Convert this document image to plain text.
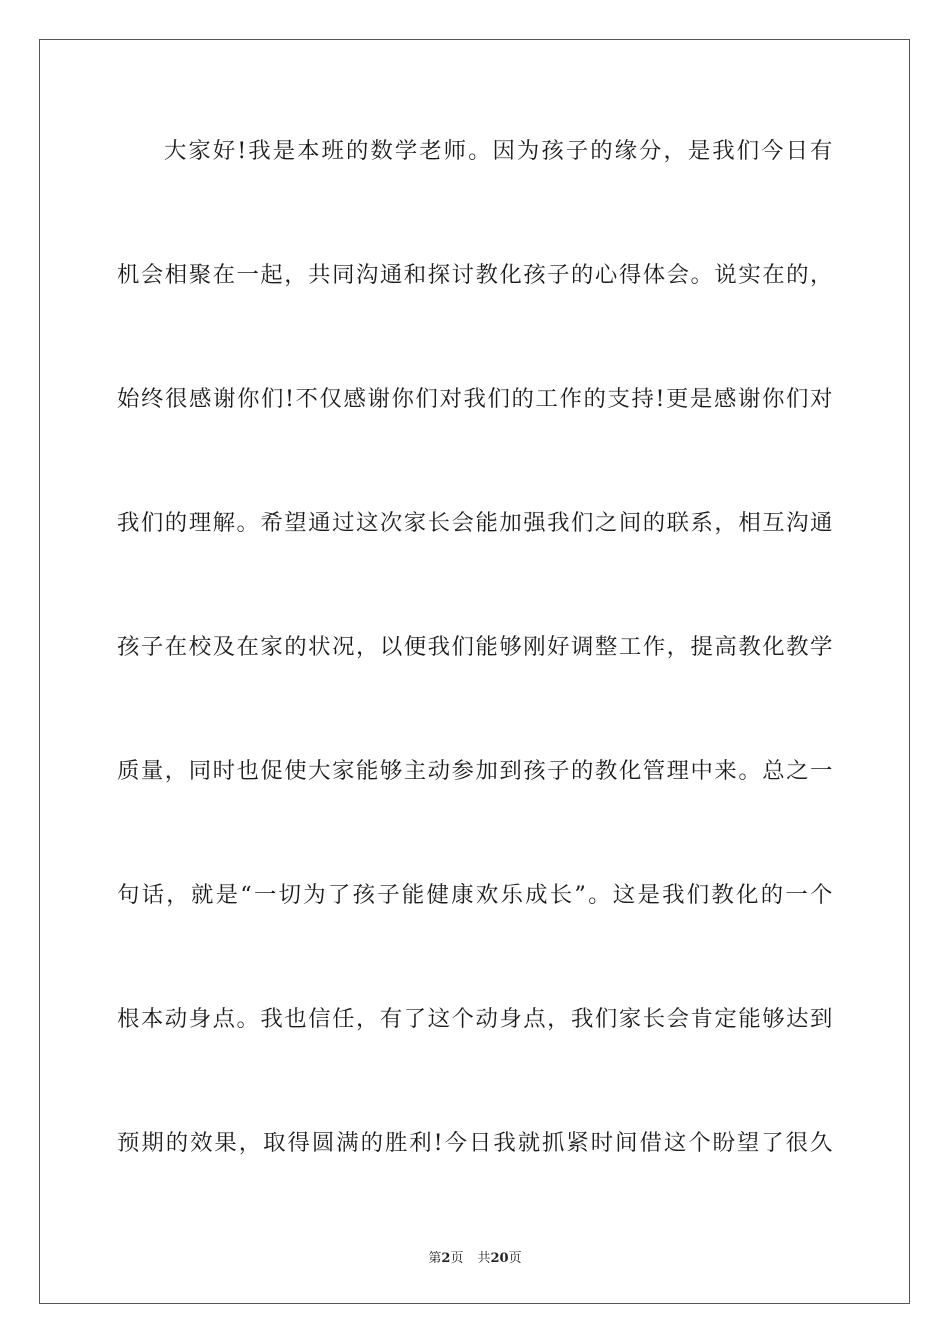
大家好!我是本班的数学老师。因为孩子的缘分，是我们今日有
机会相聚在一起，共同沟通和探讨教化孩子的心得体会。说实在的，
始终很感谢你们!不仅感谢你们对我们的工作的支持!更是感谢你们对
我们的理解。希望通过这次家长会能加强我们之间的联系，相互沟通
孩子在校及在家的状况，以便我们能够刚好调整工作，提高教化教学
质量，同时也促使大家能够主动参加到孩子的教化管理中来。总之一
句话，就是“一切为了孩子能健康欢乐成长”。这是我们教化的一个
根本动身点。我也信任，有了这个动身点，我们家长会肯定能够达到
预期的效果，取得圆满的胜利!今日我就抓紧时间借这个盼望了很久
第2页 共20页
